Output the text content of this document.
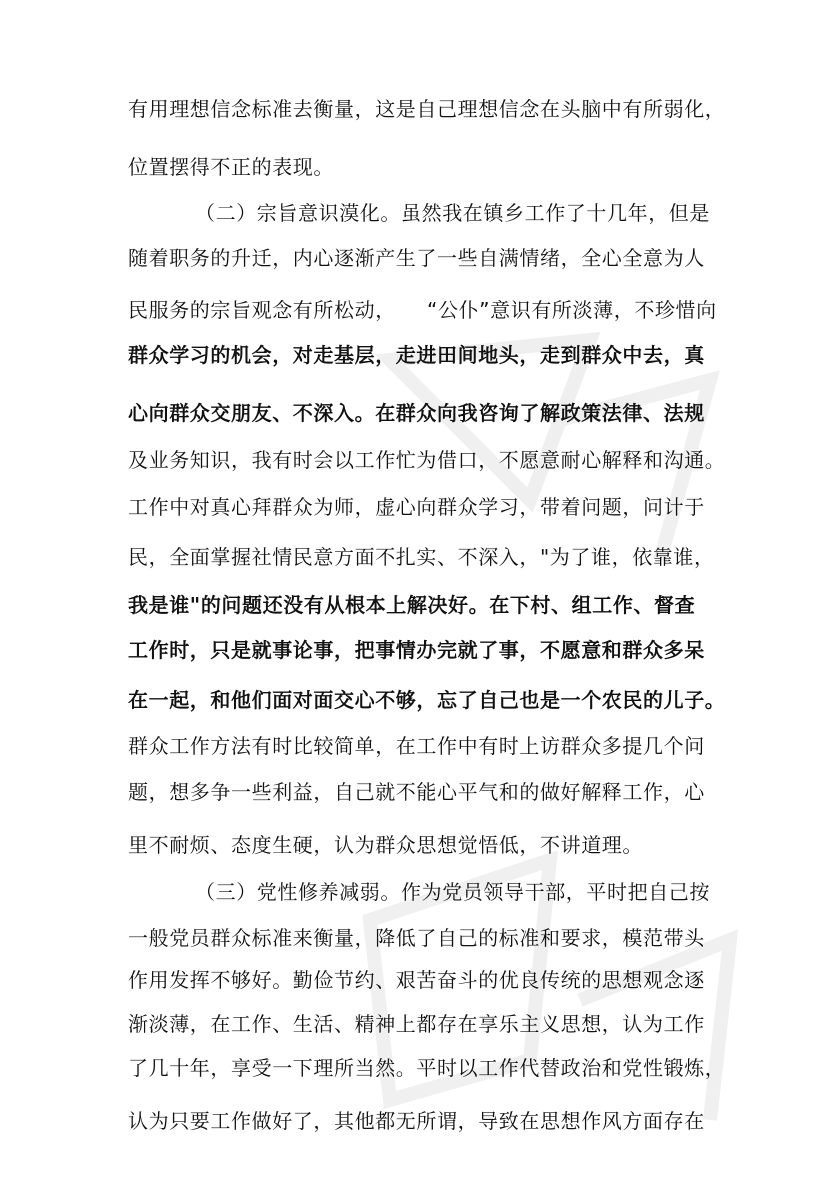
有用理想信念标准去衡量，这是自己理想信念在头脑中有所弱化，
位置摆得不正的表现。
（二）宗旨意识漠化。虽然我在镇乡工作了十几年，但是
随着职务的升迁，内心逐渐产生了一些自满情绪，全心全意为人
民服务的宗旨观念有所松动，　　“公仆”意识有所淡薄，不珍惜向
群众学习的机会，对走基层，走进田间地头，走到群众中去，真
心向群众交朋友、不深入。在群众向我咨询了解政策法律、法规
及业务知识，我有时会以工作忙为借口，不愿意耐心解释和沟通。
工作中对真心拜群众为师，虚心向群众学习，带着问题，问计于
民，全面掌握社情民意方面不扎实、不深入，"为了谁，依靠谁，
我是谁"的问题还没有从根本上解决好。在下村、组工作、督查
工作时，只是就事论事，把事情办完就了事，不愿意和群众多呆
在一起，和他们面对面交心不够，忘了自己也是一个农民的儿子。
群众工作方法有时比较简单，在工作中有时上访群众多提几个问
题，想多争一些利益，自己就不能心平气和的做好解释工作，心
里不耐烦、态度生硬，认为群众思想觉悟低，不讲道理。
（三）党性修养减弱。作为党员领导干部，平时把自己按
一般党员群众标准来衡量，降低了自己的标准和要求，模范带头
作用发挥不够好。勤俭节约、艰苦奋斗的优良传统的思想观念逐
渐淡薄，在工作、生活、精神上都存在享乐主义思想，认为工作
了几十年，享受一下理所当然。平时以工作代替政治和党性锻炼，
认为只要工作做好了，其他都无所谓，导致在思想作风方面存在
